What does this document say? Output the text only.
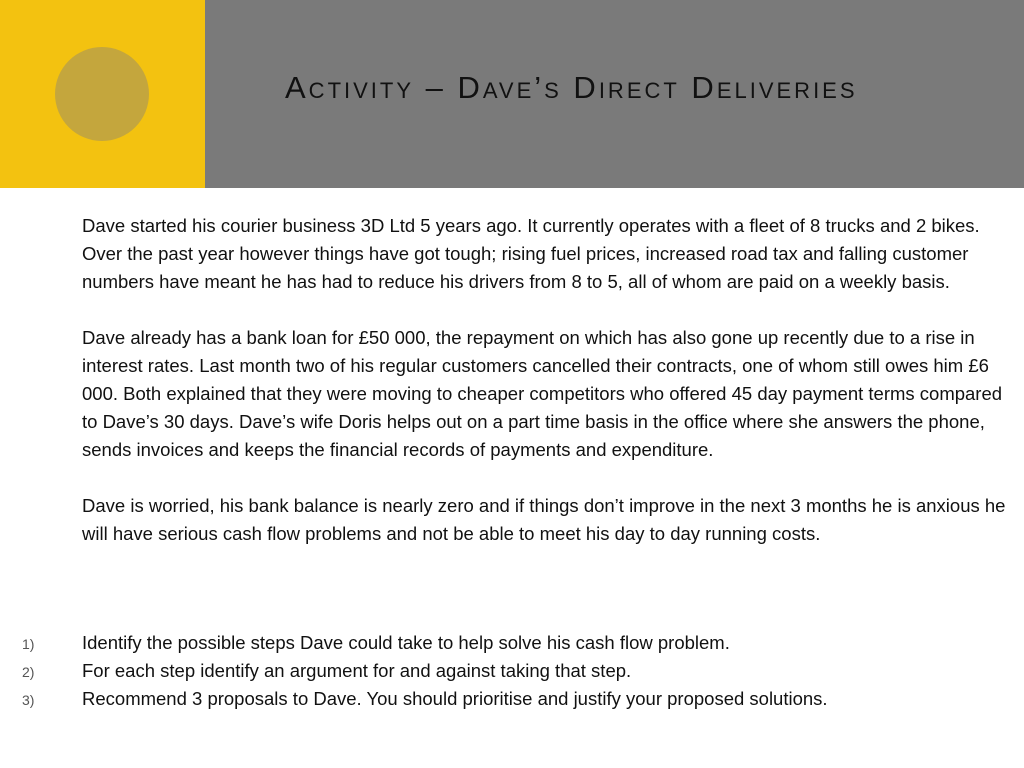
Activity – Dave’s Direct Deliveries

Dave started his courier business 3D Ltd 5 years ago. It currently operates with a fleet of 8 trucks and 2 bikes. Over the past year however things have got tough; rising fuel prices, increased road tax and falling customer numbers have meant he has had to reduce his drivers from 8 to 5, all of whom are paid on a weekly basis.

Dave already has a bank loan for £50 000, the repayment on which has also gone up recently due to a rise in interest rates. Last month two of his regular customers cancelled their contracts, one of whom still owes him £6 000. Both explained that they were moving to cheaper competitors who offered 45 day payment terms compared to Dave’s 30 days. Dave’s wife Doris helps out on a part time basis in the office where she answers the phone, sends invoices and keeps the financial records of payments and expenditure.

Dave is worried, his bank balance is nearly zero and if things don’t improve in the next 3 months he is anxious he will have serious cash flow problems and not be able to meet his day to day running costs.

1)	Identify the possible steps Dave could take to help solve his cash flow problem.
2)	For each step identify an argument for and against taking that step.
3)	Recommend 3 proposals to Dave. You should prioritise and justify your proposed solutions.
